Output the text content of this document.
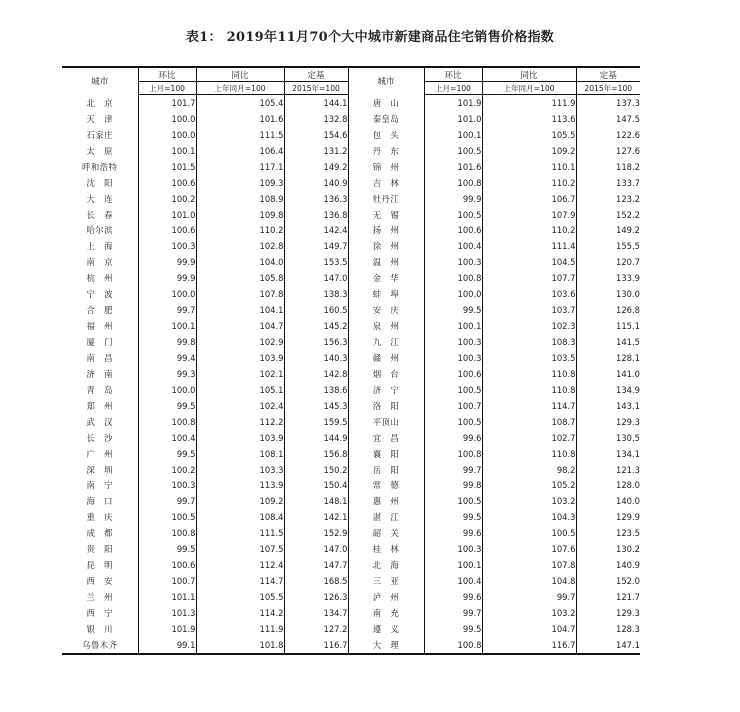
表1： 2019年11月70个大中城市新建商品住宅销售价格指数
城市	环比	同比	定基	城市	环比	同比	定基
	上月=100	上年同月=100	2015年=100		上月=100	上年同月=100	2015年=100
北　京	101.7	105.4	144.1	唐　山	101.9	111.9	137.3
天　津	100.0	101.6	132.8	秦皇岛	101.0	113.6	147.5
石家庄	100.0	111.5	154.6	包　头	100.1	105.5	122.6
太　原	100.1	106.4	131.2	丹　东	100.5	109.2	127.6
呼和浩特	101.5	117.1	149.2	锦　州	101.6	110.1	118.2
沈　阳	100.6	109.3	140.9	吉　林	100.8	110.2	133.7
大　连	100.2	108.9	136.3	牡丹江	99.9	106.7	123.2
长　春	101.0	109.8	136.8	无　锡	100.5	107.9	152.2
哈尔滨	100.6	110.2	142.4	扬　州	100.6	110.2	149.2
上　海	100.3	102.8	149.7	徐　州	100.4	111.4	155.5
南　京	99.9	104.0	153.5	温　州	100.3	104.5	120.7
杭　州	99.9	105.8	147.0	金　华	100.8	107.7	133.9
宁　波	100.0	107.8	138.3	蚌　埠	100.0	103.6	130.0
合　肥	99.7	104.1	160.5	安　庆	99.5	103.7	126.8
福　州	100.1	104.7	145.2	泉　州	100.1	102.3	115.1
厦　门	99.8	102.9	156.3	九　江	100.3	108.3	141.5
南　昌	99.4	103.9	140.3	赣　州	100.3	103.5	128.1
济　南	99.3	102.1	142.8	烟　台	100.6	110.8	141.0
青　岛	100.0	105.1	138.6	济　宁	100.5	110.8	134.9
郑　州	99.5	102.4	145.3	洛　阳	100.7	114.7	143.1
武　汉	100.8	112.2	159.5	平顶山	100.5	108.7	129.3
长　沙	100.4	103.9	144.9	宜　昌	99.6	102.7	130.5
广　州	99.5	108.1	156.8	襄　阳	100.8	110.8	134.1
深　圳	100.2	103.3	150.2	岳　阳	99.7	98.2	121.3
南　宁	100.3	113.9	150.4	常　德	99.8	105.2	128.0
海　口	99.7	109.2	148.1	惠　州	100.5	103.2	140.0
重　庆	100.5	108.4	142.1	湛　江	99.5	104.3	129.9
成　都	100.8	111.5	152.9	韶　关	99.6	100.5	123.5
贵　阳	99.5	107.5	147.0	桂　林	100.3	107.6	130.2
昆　明	100.6	112.4	147.7	北　海	100.1	107.8	140.9
西　安	100.7	114.7	168.5	三　亚	100.4	104.8	152.0
兰　州	101.1	105.5	126.3	泸　州	99.6	99.7	121.7
西　宁	101.3	114.2	134.7	南　充	99.7	103.2	129.3
银　川	101.9	111.9	127.2	遵　义	99.5	104.7	128.3
乌鲁木齐	99.1	101.8	116.7	大　理	100.8	116.7	147.1
